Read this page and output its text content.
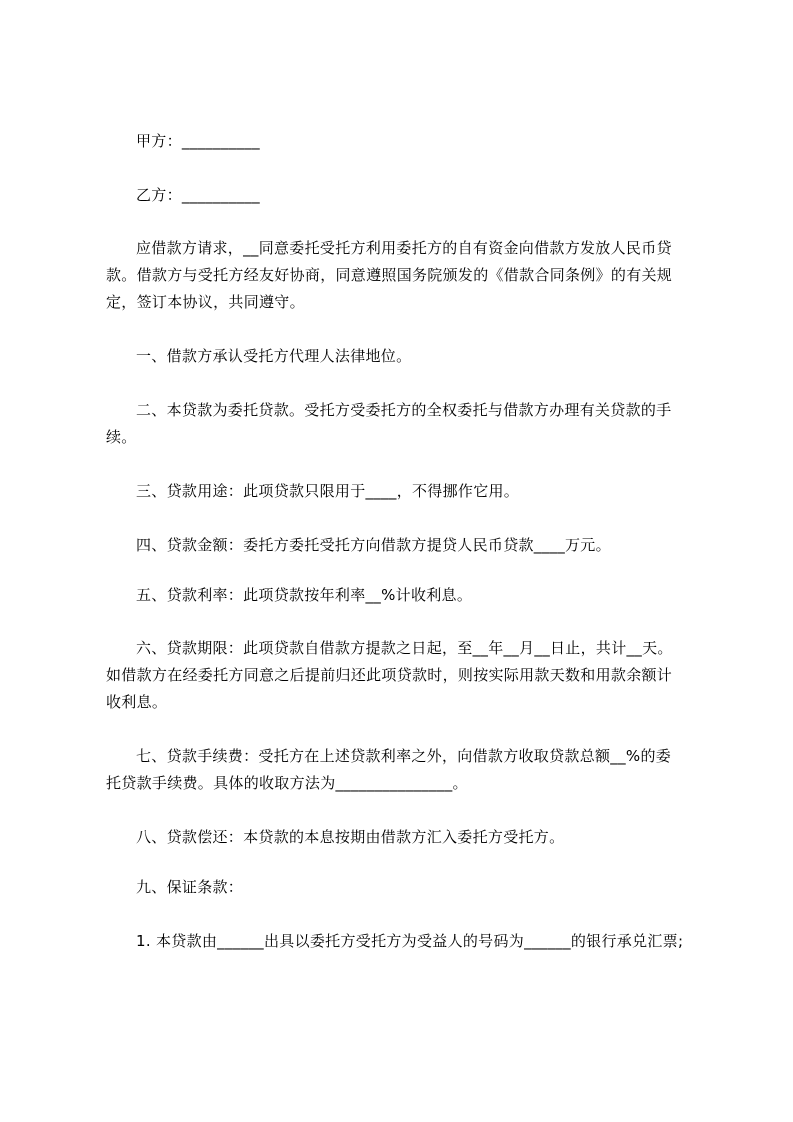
甲方：__________
乙方：__________
应借款方请求，__同意委托受托方利用委托方的自有资金向借款方发放人民币贷
款。借款方与受托方经友好协商，同意遵照国务院颁发的《借款合同条例》的有关规
定，签订本协议，共同遵守。
一、借款方承认受托方代理人法律地位。
二、本贷款为委托贷款。受托方受委托方的全权委托与借款方办理有关贷款的手
续。
三、贷款用途：此项贷款只限用于____，不得挪作它用。
四、贷款金额：委托方委托受托方向借款方提贷人民币贷款____万元。
五、贷款利率：此项贷款按年利率__%计收利息。
六、贷款期限：此项贷款自借款方提款之日起，至__年__月__日止，共计__天。
如借款方在经委托方同意之后提前归还此项贷款时，则按实际用款天数和用款余额计
收利息。
七、贷款手续费：受托方在上述贷款利率之外，向借款方收取贷款总额__%的委
托贷款手续费。具体的收取方法为_______________。
八、贷款偿还：本贷款的本息按期由借款方汇入委托方受托方。
九、保证条款：
1. 本贷款由______出具以委托方受托方为受益人的号码为______的银行承兑汇票;
